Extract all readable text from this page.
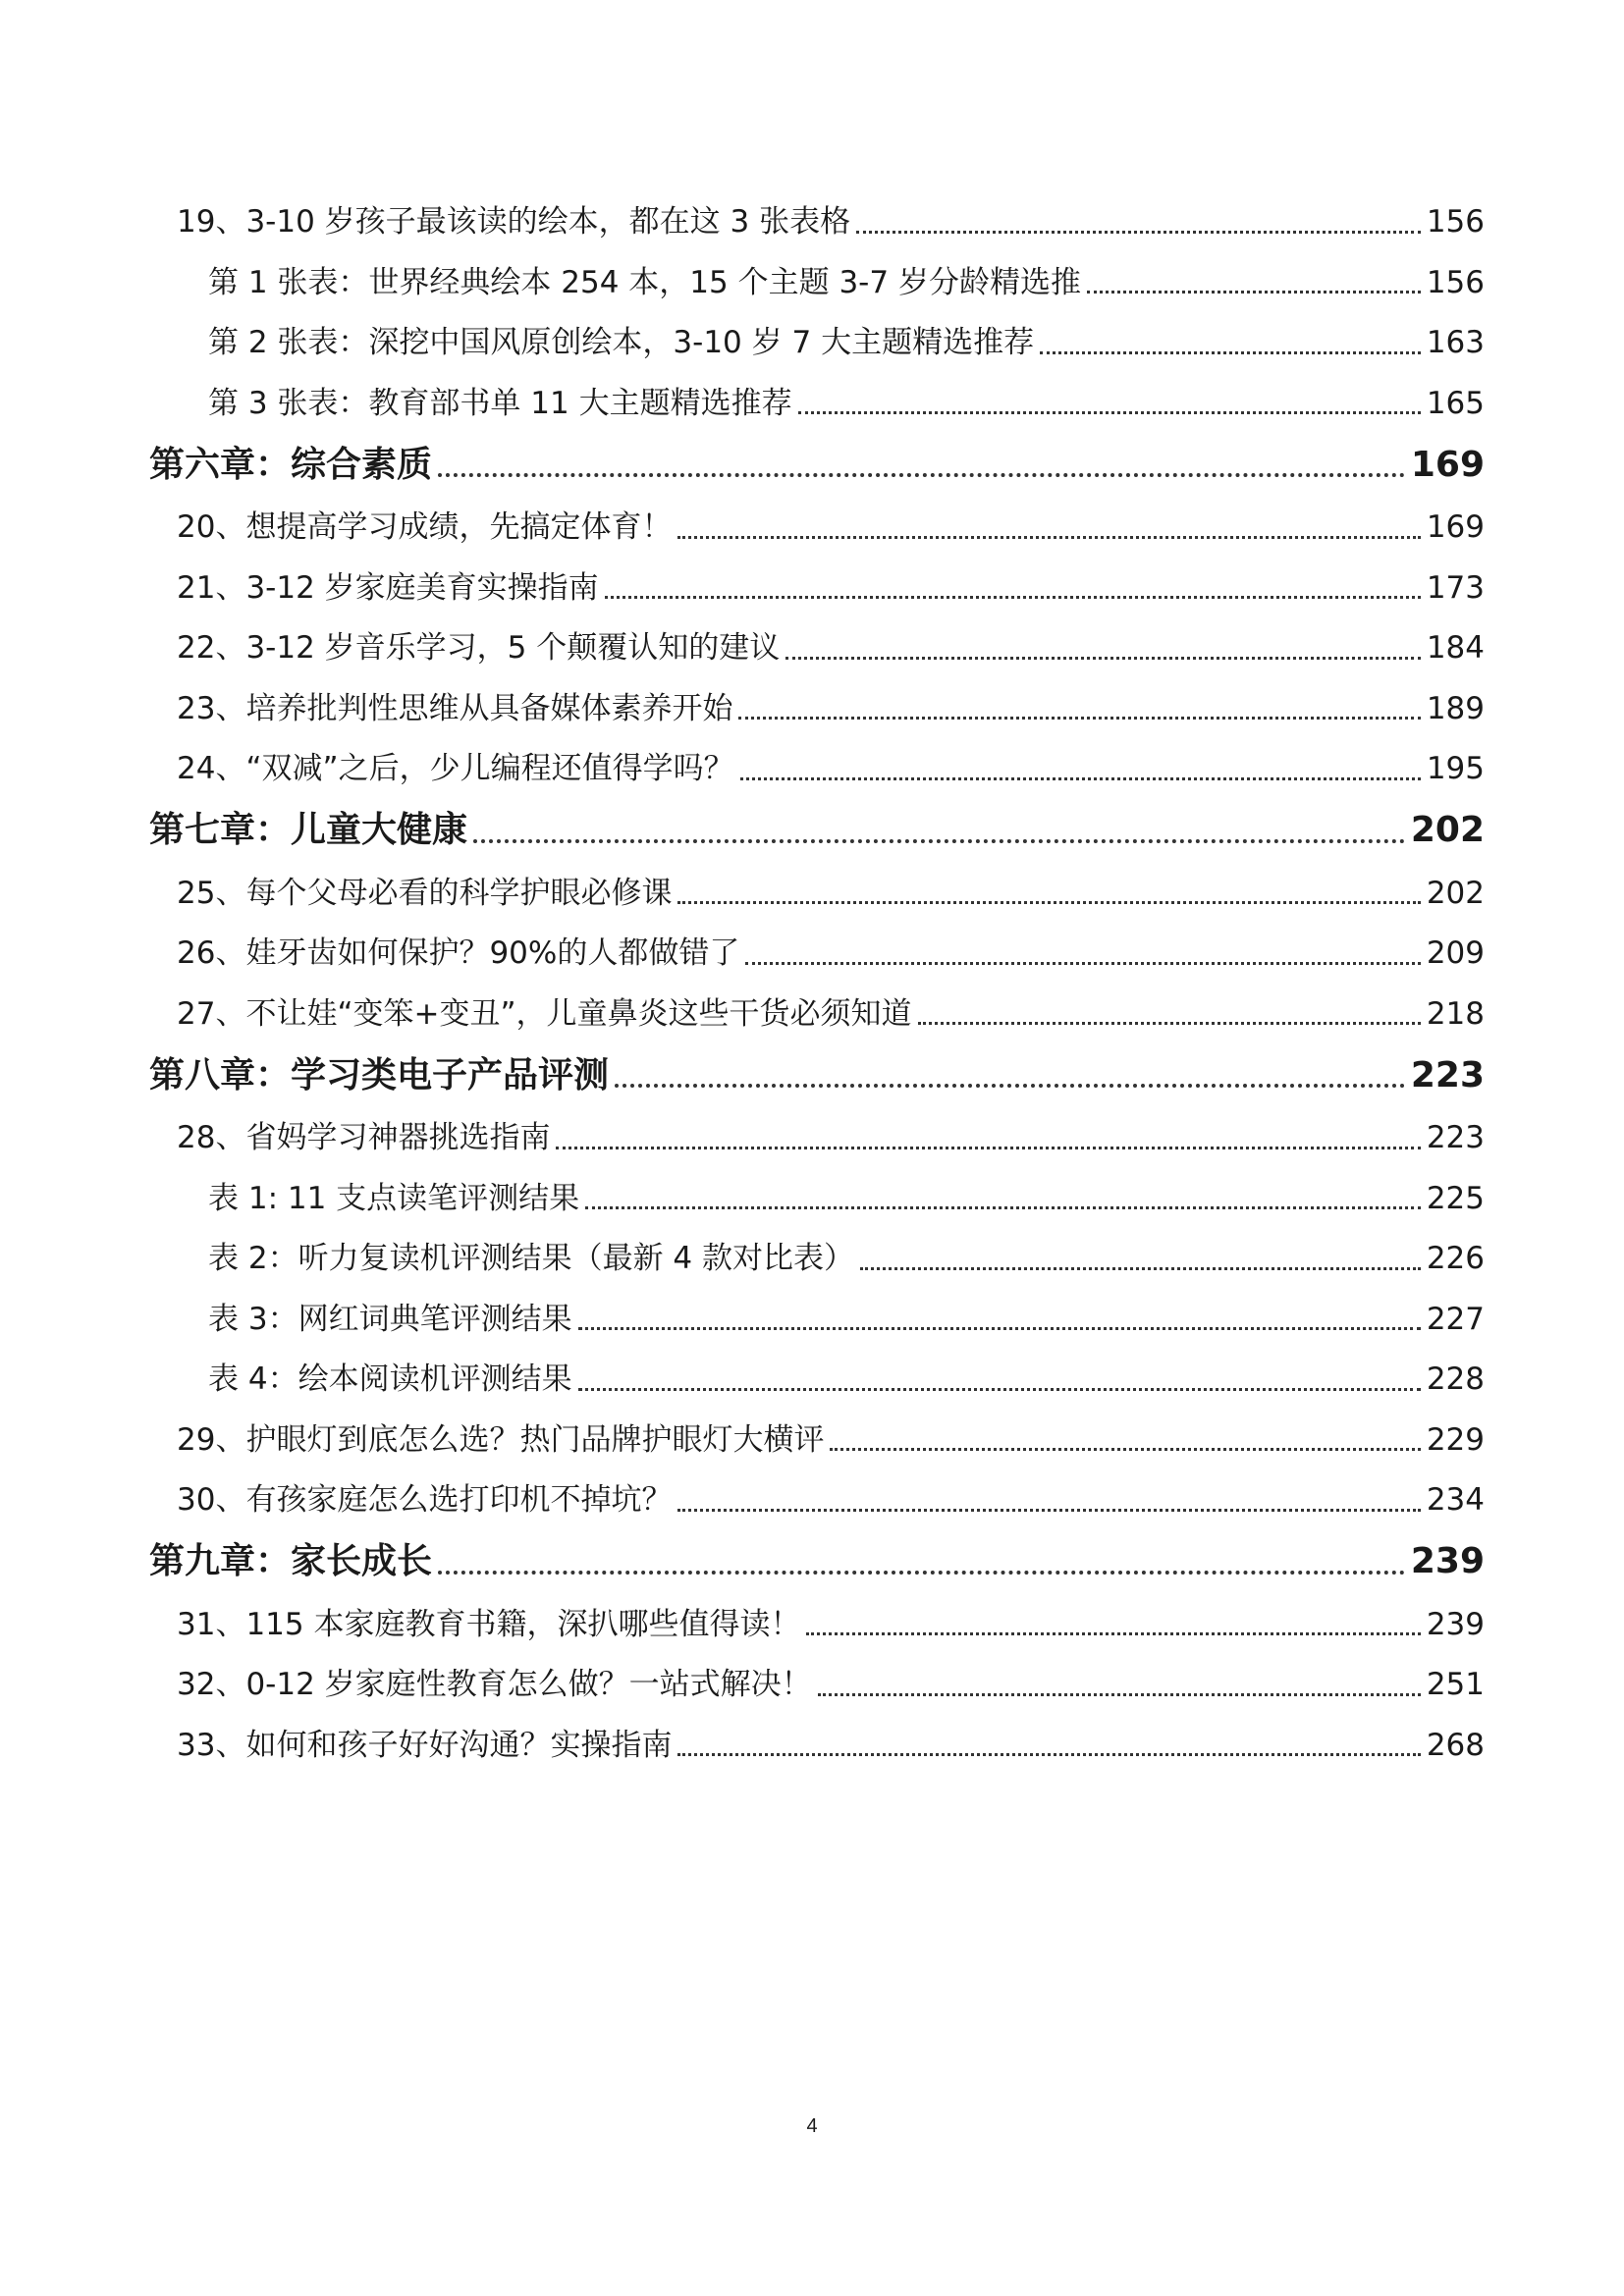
19、3-10 岁孩子最该读的绘本，都在这 3 张表格	156
第 1 张表：世界经典绘本 254 本，15 个主题 3-7 岁分龄精选推	156
第 2 张表：深挖中国风原创绘本，3-10 岁 7 大主题精选推荐	163
第 3 张表：教育部书单 11 大主题精选推荐	165
第六章：综合素质	169
20、想提高学习成绩，先搞定体育！	169
21、3-12 岁家庭美育实操指南	173
22、3-12 岁音乐学习，5 个颠覆认知的建议	184
23、培养批判性思维从具备媒体素养开始	189
24、“双减”之后，少儿编程还值得学吗？	195
第七章：儿童大健康	202
25、每个父母必看的科学护眼必修课	202
26、娃牙齿如何保护？90%的人都做错了	209
27、不让娃“变笨+变丑”，儿童鼻炎这些干货必须知道	218
第八章：学习类电子产品评测	223
28、省妈学习神器挑选指南	223
表 1: 11 支点读笔评测结果	225
表 2：听力复读机评测结果（最新 4 款对比表）	226
表 3：网红词典笔评测结果	227
表 4：绘本阅读机评测结果	228
29、护眼灯到底怎么选？热门品牌护眼灯大横评	229
30、有孩家庭怎么选打印机不掉坑？	234
第九章：家长成长	239
31、115 本家庭教育书籍，深扒哪些值得读！	239
32、0-12 岁家庭性教育怎么做？一站式解决！	251
33、如何和孩子好好沟通？实操指南	268
4
